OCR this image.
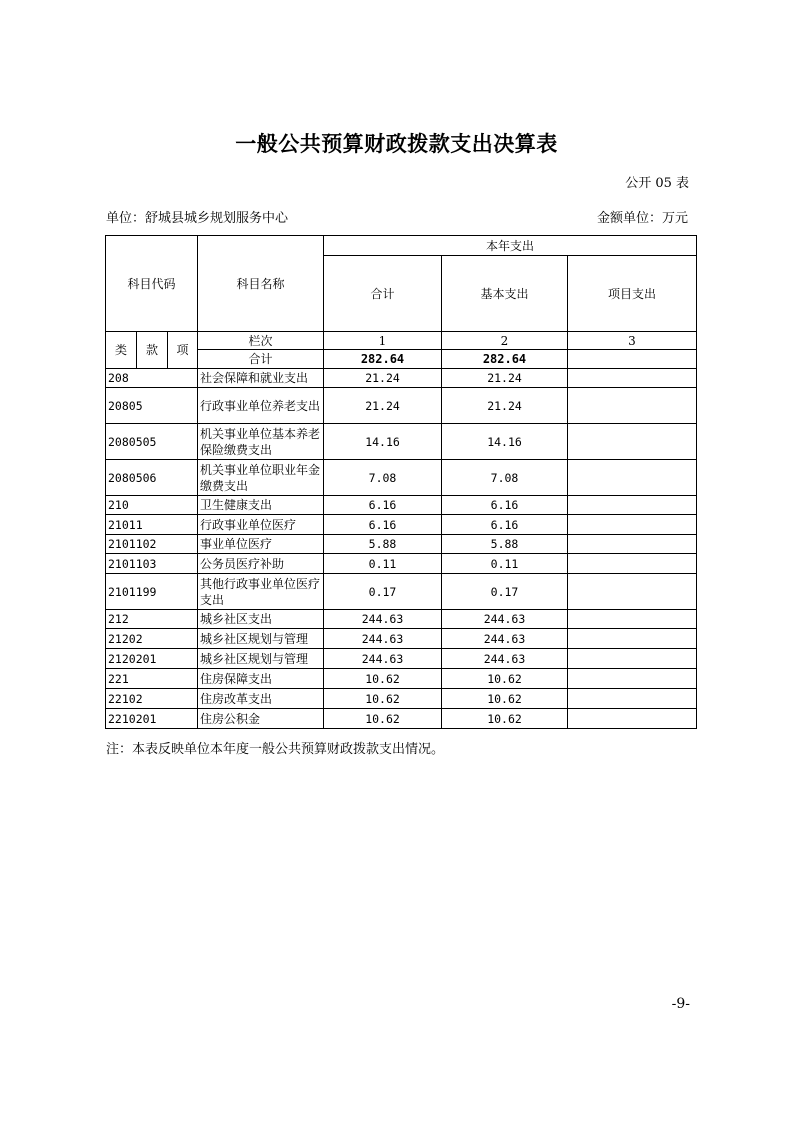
一般公共预算财政拨款支出决算表
公开 05 表
单位：舒城县城乡规划服务中心	金额单位：万元
科目代码			科目名称	本年支出		
				合计	基本支出	项目支出
类	款	项	栏次	1	2	3
			合计	282.64	282.64	
208			社会保障和就业支出	21.24	21.24	
20805			行政事业单位养老支出	21.24	21.24	
2080505			机关事业单位基本养老保险缴费支出	14.16	14.16	
2080506			机关事业单位职业年金缴费支出	7.08	7.08	
210			卫生健康支出	6.16	6.16	
21011			行政事业单位医疗	6.16	6.16	
2101102			事业单位医疗	5.88	5.88	
2101103			公务员医疗补助	0.11	0.11	
2101199			其他行政事业单位医疗支出	0.17	0.17	
212			城乡社区支出	244.63	244.63	
21202			城乡社区规划与管理	244.63	244.63	
2120201			城乡社区规划与管理	244.63	244.63	
221			住房保障支出	10.62	10.62	
22102			住房改革支出	10.62	10.62	
2210201			住房公积金	10.62	10.62	
注：本表反映单位本年度一般公共预算财政拨款支出情况。
-9-
